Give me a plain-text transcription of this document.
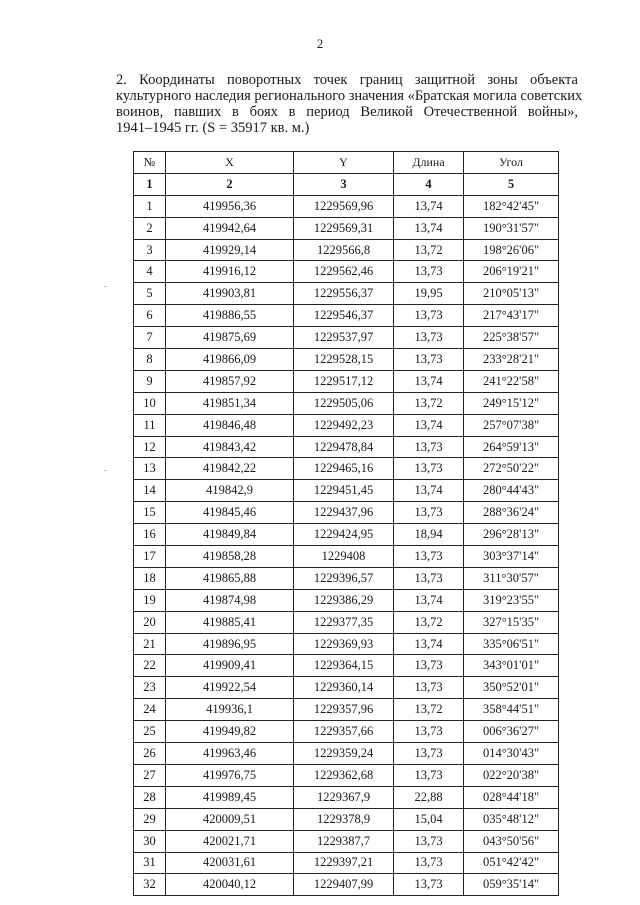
2
2. Координаты поворотных точек границ защитной зоны объекта
культурного наследия регионального значения «Братская могила советских
воинов, павших в боях в период Великой Отечественной войны»,
1941–1945 гг. (S = 35917 кв. м.)
№	X	Y	Длина	Угол
1	2	3	4	5
1	419956,36	1229569,96	13,74	182°42'45"
2	419942,64	1229569,31	13,74	190°31'57"
3	419929,14	1229566,8	13,72	198°26'06"
4	419916,12	1229562,46	13,73	206°19'21"
5	419903,81	1229556,37	19,95	210°05'13"
6	419886,55	1229546,37	13,73	217°43'17"
7	419875,69	1229537,97	13,73	225°38'57"
8	419866,09	1229528,15	13,73	233°28'21"
9	419857,92	1229517,12	13,74	241°22'58"
10	419851,34	1229505,06	13,72	249°15'12"
11	419846,48	1229492,23	13,74	257°07'38"
12	419843,42	1229478,84	13,73	264°59'13"
13	419842,22	1229465,16	13,73	272°50'22"
14	419842,9	1229451,45	13,74	280°44'43"
15	419845,46	1229437,96	13,73	288°36'24"
16	419849,84	1229424,95	18,94	296°28'13"
17	419858,28	1229408	13,73	303°37'14"
18	419865,88	1229396,57	13,73	311°30'57"
19	419874,98	1229386,29	13,74	319°23'55"
20	419885,41	1229377,35	13,72	327°15'35"
21	419896,95	1229369,93	13,74	335°06'51"
22	419909,41	1229364,15	13,73	343°01'01"
23	419922,54	1229360,14	13,73	350°52'01"
24	419936,1	1229357,96	13,72	358°44'51"
25	419949,82	1229357,66	13,73	006°36'27"
26	419963,46	1229359,24	13,73	014°30'43"
27	419976,75	1229362,68	13,73	022°20'38"
28	419989,45	1229367,9	22,88	028°44'18"
29	420009,51	1229378,9	15,04	035°48'12"
30	420021,71	1229387,7	13,73	043°50'56"
31	420031,61	1229397,21	13,73	051°42'42"
32	420040,12	1229407,99	13,73	059°35'14"
